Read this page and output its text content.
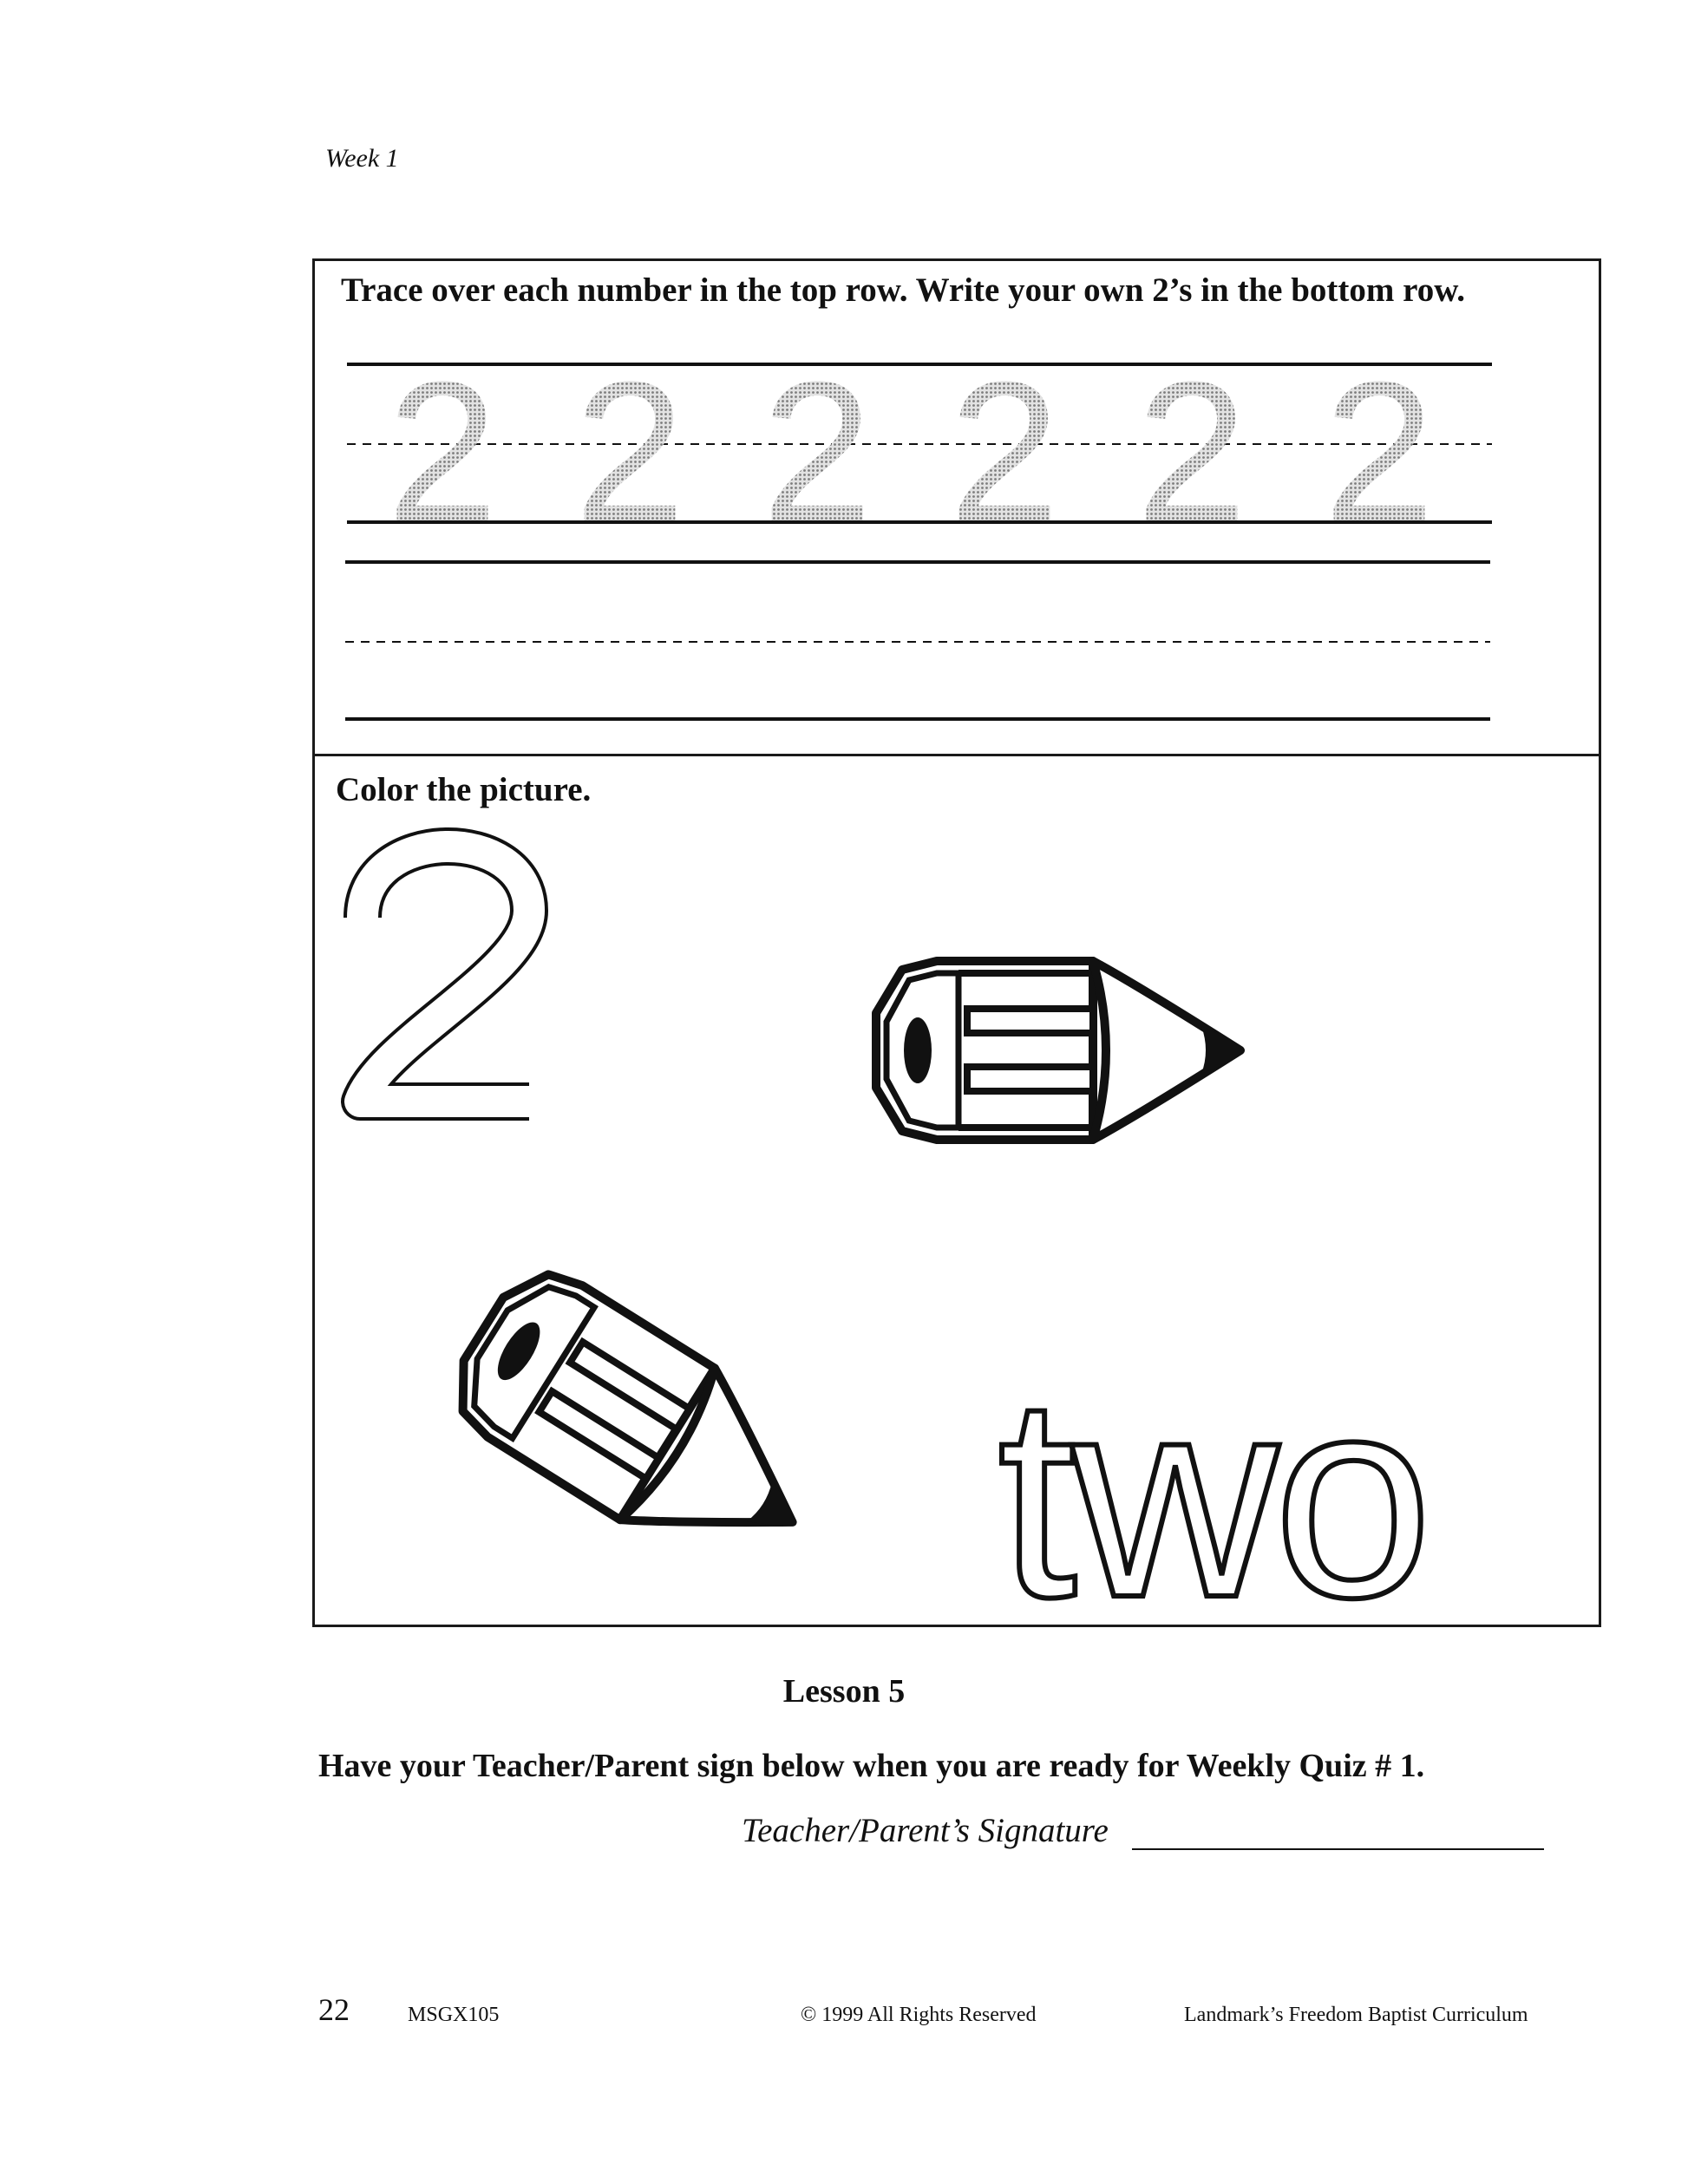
Week 1
Trace over each number in the top row. Write your own 2’s in the bottom row.
2 2 2 2 2 2
two
Color the picture.
Lesson 5
Have your Teacher/Parent sign below when you are ready for Weekly Quiz # 1.
Teacher/Parent’s Signature
22	MSGX105	© 1999 All Rights Reserved	Landmark’s Freedom Baptist Curriculum
